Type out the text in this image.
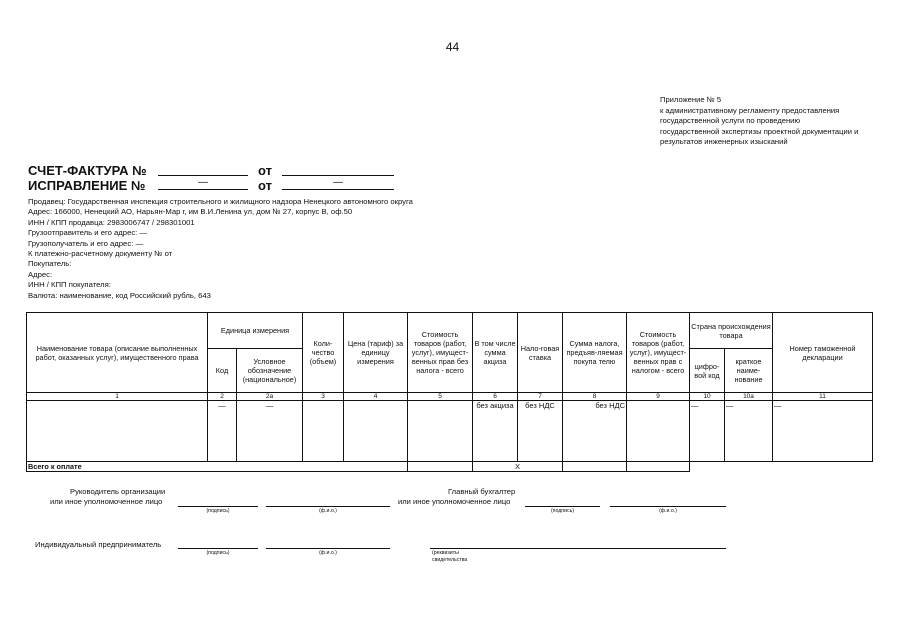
44
Приложение № 5
к административному регламенту предоставления
государственной услуги по проведению
государственной экспертизы проектной документации и
результатов инженерных изысканий
СЧЕТ-ФАКТУРА №	от
ИСПРАВЛЕНИЕ №	—	от	—
Продавец: Государственная инспекция строительного и жилищного надзора Ненецкого автономного округа
Адрес: 166000, Ненецкий АО, Нарьян-Мар г, им В.И.Ленина ул, дом № 27, корпус В, оф.50
ИНН / КПП продавца: 2983006747 / 298301001
Грузоотправитель и его адрес: —
Грузополучатель и его адрес: —
К платежно-расчетному документу № от
Покупатель:
Адрес:
ИНН / КПП покупателя:
Валюта: наименование, код Российский рубль, 643
Наименование товара (описание выполненных работ, оказанных услуг), имущественного права	Единица измерения		Коли-чество (объем)	Цена (тариф) за единицу измерения	Стоимость товаров (работ, услуг), имущест-венных прав без налога - всего	В том числе сумма акциза	Нало-говая ставка	Сумма налога, предъяв-ляемая покупа телю	Стоимость товаров (работ, услуг), имущест-венных прав с налогом - всего	Страна происхождения товара		Номер таможенной декларации
	Код	Условное обозначение (национальное)								цифро-вой код	краткое наиме-нование	
1	2	2а	3	4	5	6	7	8	9	10	10а	11
	—	—				без акциза	без НДС	без НДС		—	—	—
Всего к оплате						X						
Руководитель организации
или иное уполномоченное лицо
(подпись)	(ф.и.о.)
Главный бухгалтер
или иное уполномоченное лицо
(подпись)	(ф.и.о.)
Индивидуальный предприниматель
(подпись)	(ф.и.о.)	(реквизиты
свидетельства
